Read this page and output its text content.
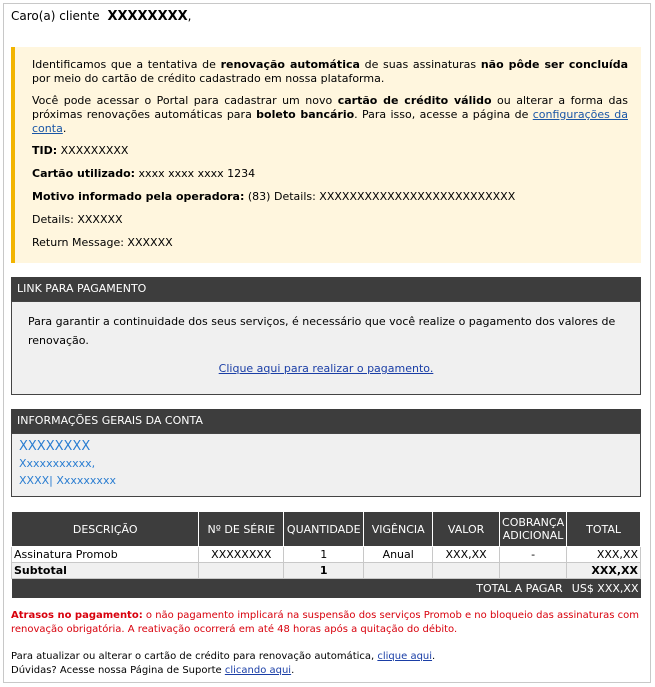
Caro(a) cliente XXXXXXXX,

Identificamos que a tentativa de renovação automática de suas assinaturas não pôde ser concluída por meio do cartão de crédito cadastrado em nossa plataforma.

Você pode acessar o Portal para cadastrar um novo cartão de crédito válido ou alterar a forma das próximas renovações automáticas para boleto bancário. Para isso, acesse a página de configurações da conta.

TID: XXXXXXXXX
Cartão utilizado: xxxx xxxx xxxx 1234
Motivo informado pela operadora: (83) Details: XXXXXXXXXXXXXXXXXXXXXXXXXX
Details: XXXXXX
Return Message: XXXXXX
LINK PARA PAGAMENTO
Para garantir a continuidade dos seus serviços, é necessário que você realize o pagamento dos valores de renovação.
Clique aqui para realizar o pagamento.
INFORMAÇÕES GERAIS DA CONTA
XXXXXXXX
Xxxxxxxxxxx,
XXXX| Xxxxxxxxx
DESCRIÇÃO	Nº DE SÉRIE	QUANTIDADE	VIGÊNCIA	VALOR	COBRANÇA ADICIONAL	TOTAL
Assinatura Promob	XXXXXXXX	1	Anual	XXX,XX	-	XXX,XX
Subtotal		1				XXX,XX
TOTAL A PAGAR						US$ XXX,XX
Atrasos no pagamento: o não pagamento implicará na suspensão dos serviços Promob e no bloqueio das assinaturas com renovação obrigatória. A reativação ocorrerá em até 48 horas após a quitação do débito.
Para atualizar ou alterar o cartão de crédito para renovação automática, clique aqui.
Dúvidas? Acesse nossa Página de Suporte clicando aqui.
